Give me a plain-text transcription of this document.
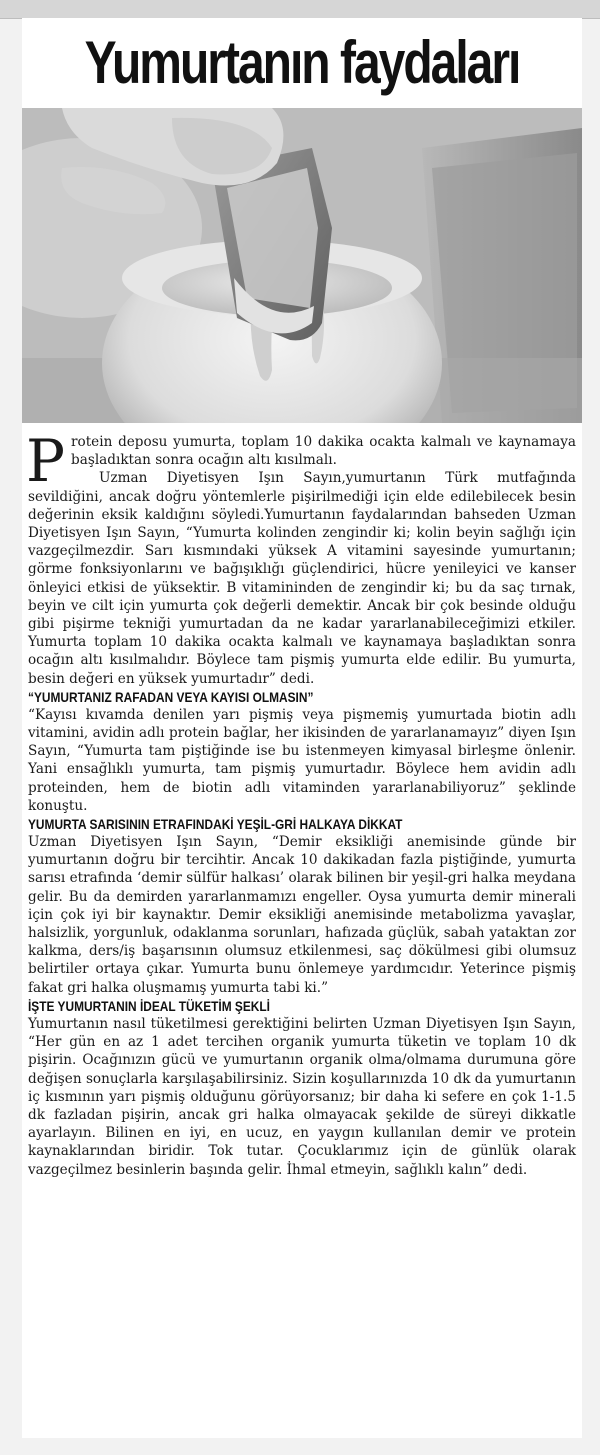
Yumurtanın faydaları

Protein deposu yumurta, toplam 10 dakika ocakta kalmalı ve kaynamaya başladıktan sonra ocağın altı kısılmalı.
Uzman Diyetisyen Işın Sayın,yumurtanın Türk mutfağında sevildiğini, ancak doğru yöntemlerle pişirilmediği için elde edilebilecek besin değerinin eksik kaldığını söyledi.Yumurtanın faydalarından bahseden Uzman Diyetisyen Işın Sayın, “Yumurta kolinden zengindir ki; kolin beyin sağlığı için vazgeçilmezdir. Sarı kısmındaki yüksek A vitamini sayesinde yumurtanın; görme fonksiyonlarını ve bağışıklığı güçlendirici, hücre yenileyici ve kanser önleyici etkisi de yüksektir. B vitamininden de zengindir ki; bu da saç tırnak, beyin ve cilt için yumurta çok değerli demektir. Ancak bir çok besinde olduğu gibi pişirme tekniği yumurtadan da ne kadar yararlanabileceğimizi etkiler. Yumurta toplam 10 dakika ocakta kalmalı ve kaynamaya başladıktan sonra ocağın altı kısılmalıdır. Böylece tam pişmiş yumurta elde edilir. Bu yumurta, besin değeri en yüksek yumurtadır” dedi.

“YUMURTANIZ RAFADAN VEYA KAYISI OLMASIN”

“Kayısı kıvamda denilen yarı pişmiş veya pişmemiş yumurtada biotin adlı vitamini, avidin adlı protein bağlar, her ikisinden de yararlanamayız” diyen Işın Sayın, “Yumurta tam piştiğinde ise bu istenmeyen kimyasal birleşme önlenir. Yani ensağlıklı yumurta, tam pişmiş yumurtadır. Böylece hem avidin adlı proteinden, hem de biotin adlı vitaminden yararlanabiliyoruz” şeklinde konuştu.

YUMURTA SARISININ ETRAFINDAKİ YEŞİL-GRİ HALKAYA DİKKAT

Uzman Diyetisyen Işın Sayın, “Demir eksikliği anemisinde günde bir yumurtanın doğru bir tercihtir. Ancak 10 dakikadan fazla piştiğinde, yumurta sarısı etrafında ‘demir sülfür halkası’ olarak bilinen bir yeşil-gri halka meydana gelir. Bu da demirden yararlanmamızı engeller. Oysa yumurta demir minerali için çok iyi bir kaynaktır. Demir eksikliği anemisinde metabolizma yavaşlar, halsizlik, yorgunluk, odaklanma sorunları, hafızada güçlük, sabah yataktan zor kalkma, ders/iş başarısının olumsuz etkilenmesi, saç dökülmesi gibi olumsuz belirtiler ortaya çıkar. Yumurta bunu önlemeye yardımcıdır. Yeterince pişmiş fakat gri halka oluşmamış yumurta tabi ki.”

İŞTE YUMURTANIN İDEAL TÜKETİM ŞEKLİ

Yumurtanın nasıl tüketilmesi gerektiğini belirten Uzman Diyetisyen Işın Sayın, “Her gün en az 1 adet tercihen organik yumurta tüketin ve toplam 10 dk pişirin. Ocağınızın gücü ve yumurtanın organik olma/olmama durumuna göre değişen sonuçlarla karşılaşabilirsiniz. Sizin koşullarınızda 10 dk da yumurtanın iç kısmının yarı pişmiş olduğunu görüyorsanız; bir daha ki sefere en çok 1-1.5 dk fazladan pişirin, ancak gri halka olmayacak şekilde de süreyi dikkatle ayarlayın. Bilinen en iyi, en ucuz, en yaygın kullanılan demir ve protein kaynaklarından biridir. Tok tutar. Çocuklarımız için de günlük olarak vazgeçilmez besinlerin başında gelir. İhmal etmeyin, sağlıklı kalın” dedi.
